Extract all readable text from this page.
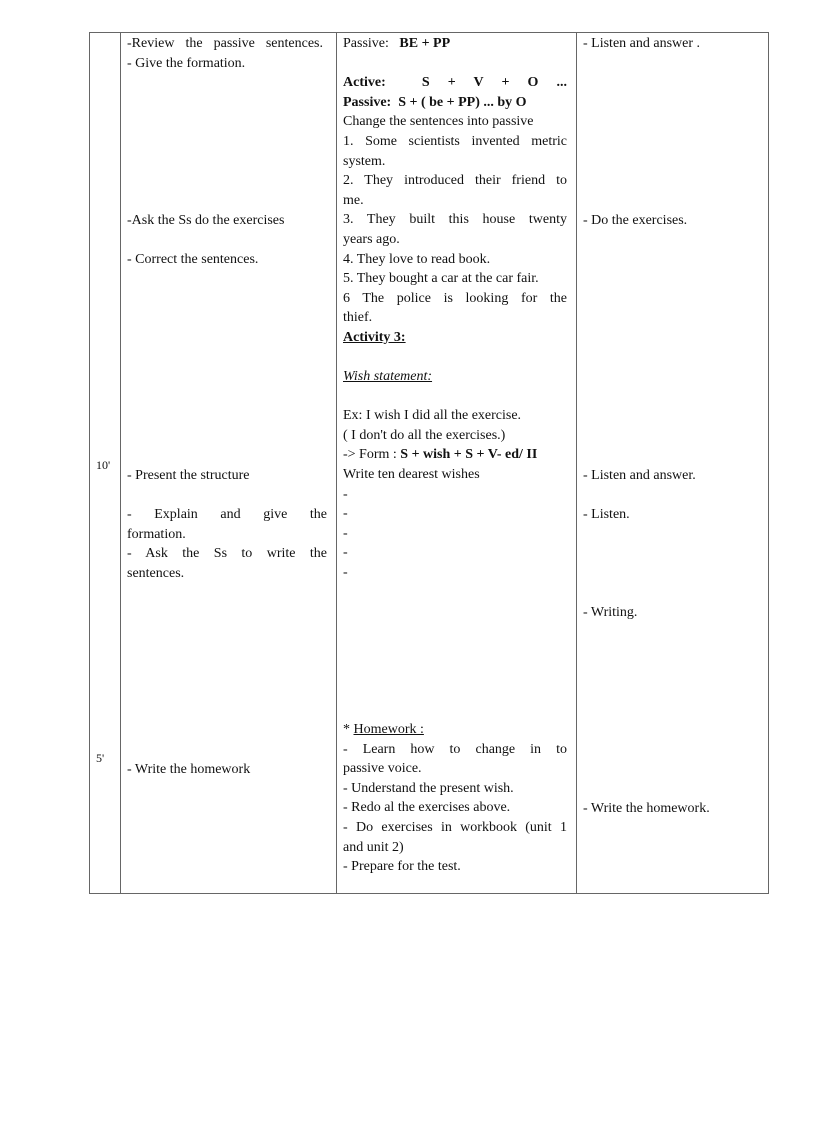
10'
5'
-Review the passive sentences.
- Give the formation.
-Ask the Ss do the exercises

- Correct the sentences.
- Present the structure

- Explain and give the
formation.
- Ask the Ss to write the
sentences.
- Write the homework
Passive: BE + PP

Active:	S + V + O ...
Passive: S + ( be + PP) ... by O
Change the sentences into passive
1. Some scientists invented metric
system.
2. They introduced their friend to
me.
3. They built this house twenty
years ago.
4. They love to read book.
5. They bought a car at the car fair.
6 The police is looking for the
thief.
Activity 3:

Wish statement:

Ex: I wish I did all the exercise.
( I don't do all the exercises.)
-> Form : S + wish + S + V- ed/ II
Write ten dearest wishes
-
-
-
-
-
* Homework :
- Learn how to change in to
passive voice.
- Understand the present wish.
- Redo al the exercises above.
- Do exercises in workbook (unit 1
and unit 2)
- Prepare for the test.
- Listen and answer .
- Do the exercises.
- Listen and answer.

- Listen.
- Writing.
- Write the homework.
